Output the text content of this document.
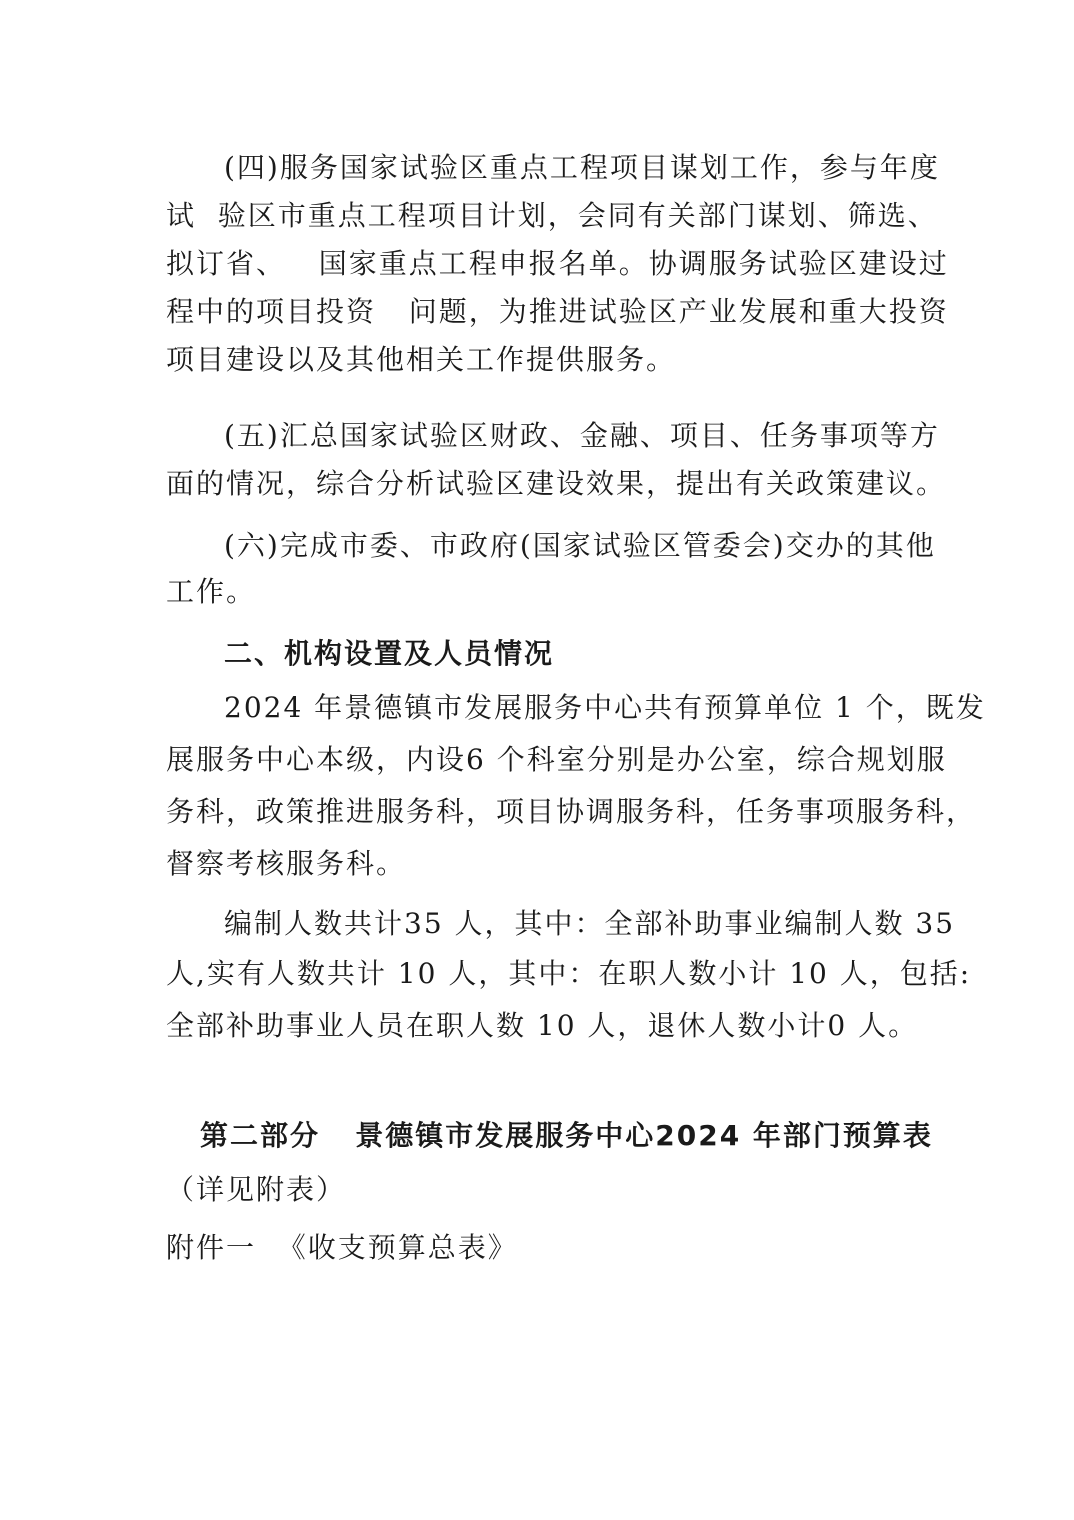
(四)服务国家试验区重点工程项目谋划工作，参与年度
试  验区市重点工程项目计划，会同有关部门谋划、筛选、
拟订省、   国家重点工程申报名单。协调服务试验区建设过
程中的项目投资   问题，为推进试验区产业发展和重大投资
项目建设以及其他相关工作提供服务。
(五)汇总国家试验区财政、金融、项目、任务事项等方
面的情况，综合分析试验区建设效果，提出有关政策建议。
(六)完成市委、市政府(国家试验区管委会)交办的其他
工作。
二、机构设置及人员情况
2024 年景德镇市发展服务中心共有预算单位 1 个，既发
展服务中心本级，内设6 个科室分别是办公室，综合规划服
务科，政策推进服务科，项目协调服务科，任务事项服务科，
督察考核服务科。
编制人数共计35 人，其中：全部补助事业编制人数 35
人,实有人数共计 10 人，其中：在职人数小计 10 人，包括:
全部补助事业人员在职人数 10 人，退休人数小计0 人。
第二部分   景德镇市发展服务中心2024 年部门预算表
（详见附表）
附件一  《收支预算总表》
